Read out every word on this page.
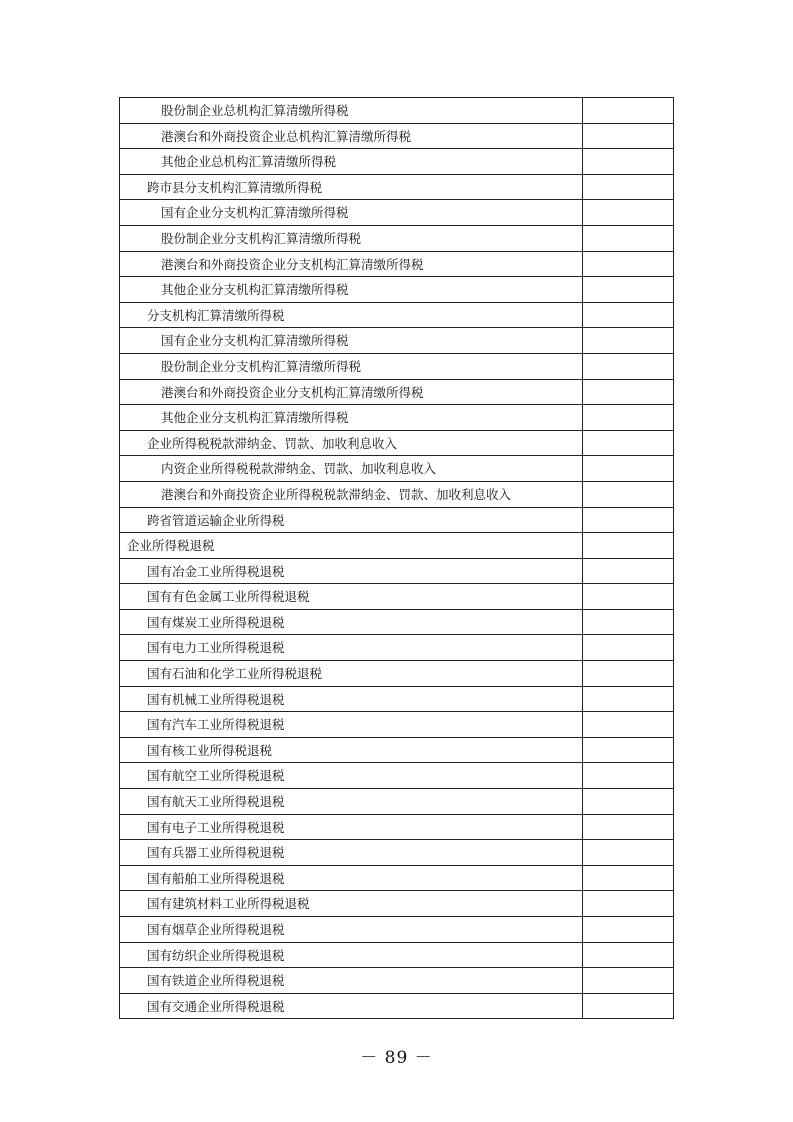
股份制企业总机构汇算清缴所得税
港澳台和外商投资企业总机构汇算清缴所得税
其他企业总机构汇算清缴所得税
跨市县分支机构汇算清缴所得税
国有企业分支机构汇算清缴所得税
股份制企业分支机构汇算清缴所得税
港澳台和外商投资企业分支机构汇算清缴所得税
其他企业分支机构汇算清缴所得税
分支机构汇算清缴所得税
国有企业分支机构汇算清缴所得税
股份制企业分支机构汇算清缴所得税
港澳台和外商投资企业分支机构汇算清缴所得税
其他企业分支机构汇算清缴所得税
企业所得税税款滞纳金、罚款、加收利息收入
内资企业所得税税款滞纳金、罚款、加收利息收入
港澳台和外商投资企业所得税税款滞纳金、罚款、加收利息收入
跨省管道运输企业所得税
企业所得税退税
国有冶金工业所得税退税
国有有色金属工业所得税退税
国有煤炭工业所得税退税
国有电力工业所得税退税
国有石油和化学工业所得税退税
国有机械工业所得税退税
国有汽车工业所得税退税
国有核工业所得税退税
国有航空工业所得税退税
国有航天工业所得税退税
国有电子工业所得税退税
国有兵器工业所得税退税
国有船舶工业所得税退税
国有建筑材料工业所得税退税
国有烟草企业所得税退税
国有纺织企业所得税退税
国有铁道企业所得税退税
国有交通企业所得税退税
－ 89 －
